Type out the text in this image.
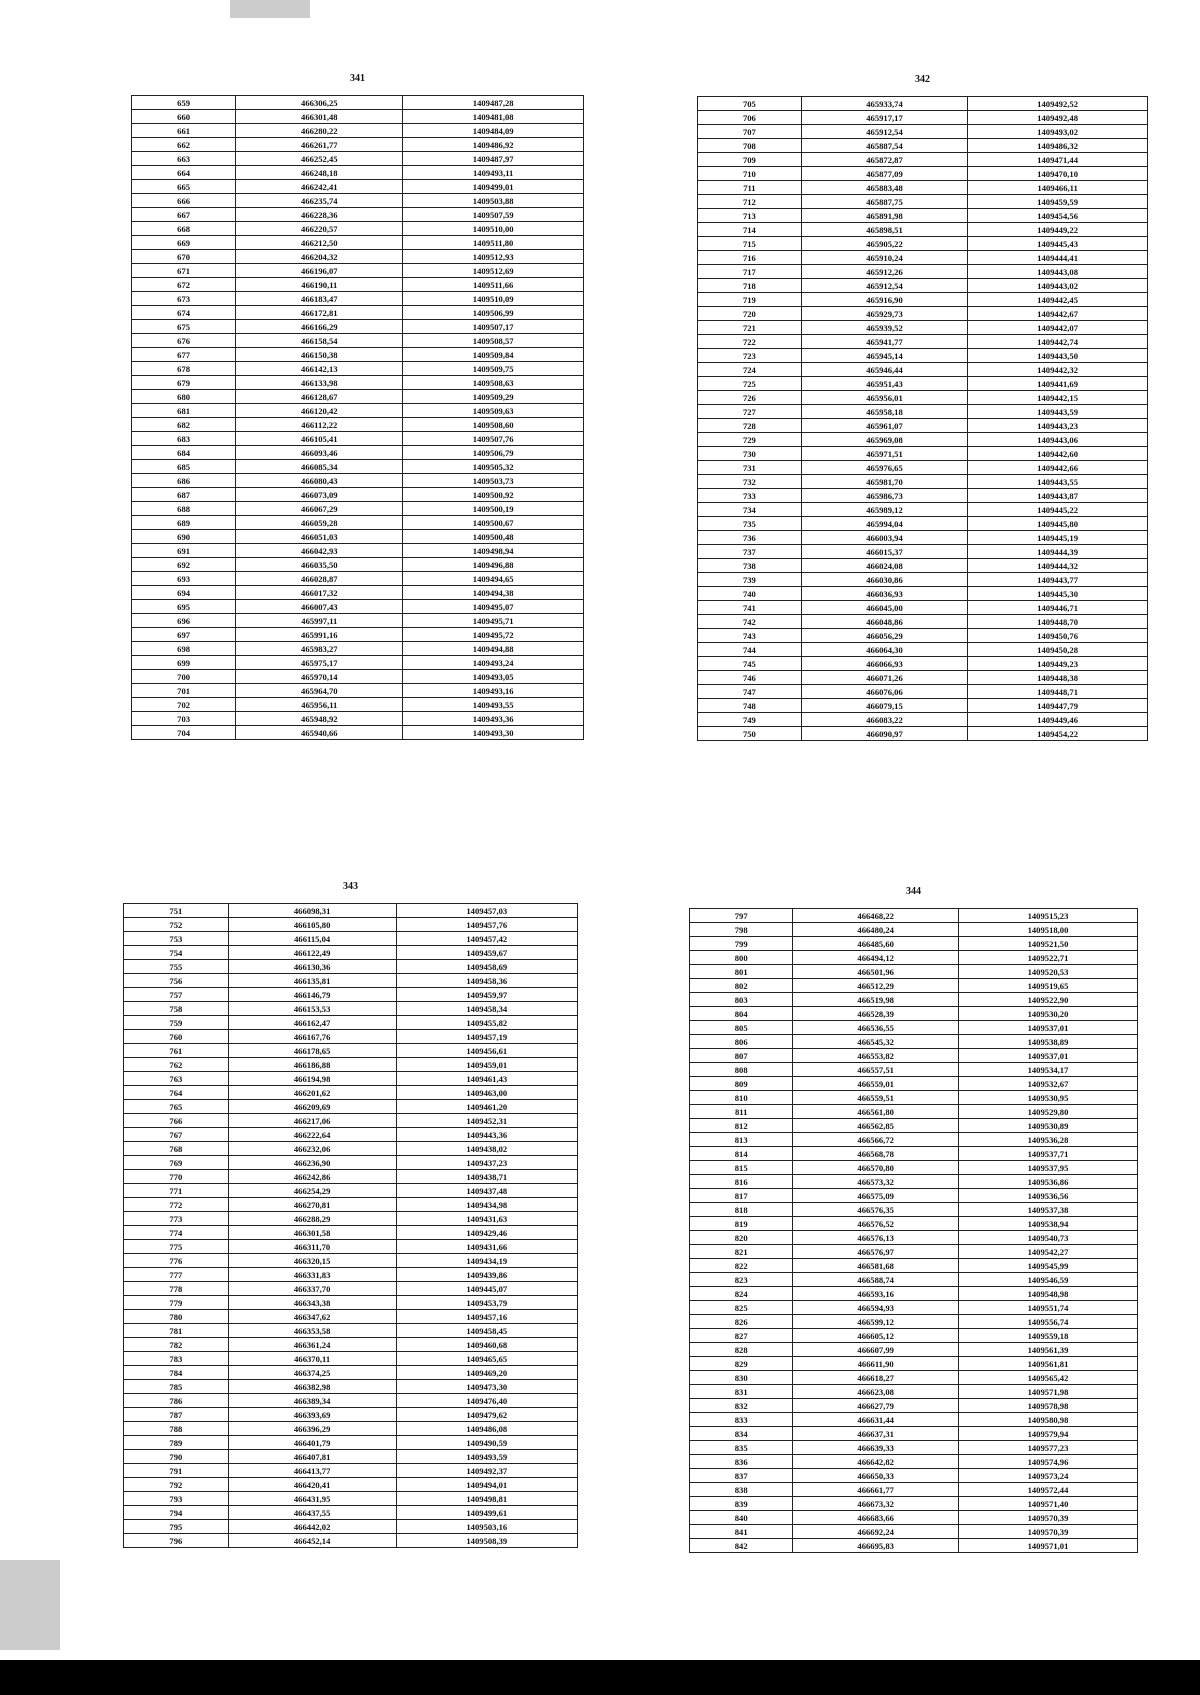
341
659	466306,25	1409487,28
660	466301,48	1409481,08
661	466280,22	1409484,09
662	466261,77	1409486,92
663	466252,45	1409487,97
664	466248,18	1409493,11
665	466242,41	1409499,01
666	466235,74	1409503,88
667	466228,36	1409507,59
668	466220,57	1409510,00
669	466212,50	1409511,80
670	466204,32	1409512,93
671	466196,07	1409512,69
672	466190,11	1409511,66
673	466183,47	1409510,09
674	466172,81	1409506,99
675	466166,29	1409507,17
676	466158,54	1409508,57
677	466150,38	1409509,84
678	466142,13	1409509,75
679	466133,98	1409508,63
680	466128,67	1409509,29
681	466120,42	1409509,63
682	466112,22	1409508,60
683	466105,41	1409507,76
684	466093,46	1409506,79
685	466085,34	1409505,32
686	466080,43	1409503,73
687	466073,09	1409500,92
688	466067,29	1409500,19
689	466059,28	1409500,67
690	466051,03	1409500,48
691	466042,93	1409498,94
692	466035,50	1409496,88
693	466028,87	1409494,65
694	466017,32	1409494,38
695	466007,43	1409495,07
696	465997,11	1409495,71
697	465991,16	1409495,72
698	465983,27	1409494,88
699	465975,17	1409493,24
700	465970,14	1409493,05
701	465964,70	1409493,16
702	465956,11	1409493,55
703	465948,92	1409493,36
704	465940,66	1409493,30
342
705	465933,74	1409492,52
706	465917,17	1409492,48
707	465912,54	1409493,02
708	465887,54	1409486,32
709	465872,87	1409471,44
710	465877,09	1409470,10
711	465883,48	1409466,11
712	465887,75	1409459,59
713	465891,98	1409454,56
714	465898,51	1409449,22
715	465905,22	1409445,43
716	465910,24	1409444,41
717	465912,26	1409443,08
718	465912,54	1409443,02
719	465916,90	1409442,45
720	465929,73	1409442,67
721	465939,52	1409442,07
722	465941,77	1409442,74
723	465945,14	1409443,50
724	465946,44	1409442,32
725	465951,43	1409441,69
726	465956,01	1409442,15
727	465958,18	1409443,59
728	465961,07	1409443,23
729	465969,08	1409443,06
730	465971,51	1409442,60
731	465976,65	1409442,66
732	465981,70	1409443,55
733	465986,73	1409443,87
734	465989,12	1409445,22
735	465994,04	1409445,80
736	466003,94	1409445,19
737	466015,37	1409444,39
738	466024,08	1409444,32
739	466030,86	1409443,77
740	466036,93	1409445,30
741	466045,00	1409446,71
742	466048,86	1409448,70
743	466056,29	1409450,76
744	466064,30	1409450,28
745	466066,93	1409449,23
746	466071,26	1409448,38
747	466076,06	1409448,71
748	466079,15	1409447,79
749	466083,22	1409449,46
750	466090,97	1409454,22
343
751	466098,31	1409457,03
752	466105,80	1409457,76
753	466115,04	1409457,42
754	466122,49	1409459,67
755	466130,36	1409458,69
756	466135,81	1409458,36
757	466146,79	1409459,97
758	466153,53	1409458,34
759	466162,47	1409455,82
760	466167,76	1409457,19
761	466178,65	1409456,61
762	466186,88	1409459,01
763	466194,98	1409461,43
764	466201,62	1409463,00
765	466209,69	1409461,20
766	466217,06	1409452,31
767	466222,64	1409443,36
768	466232,06	1409438,02
769	466236,90	1409437,23
770	466242,86	1409438,71
771	466254,29	1409437,48
772	466270,81	1409434,98
773	466288,29	1409431,63
774	466301,58	1409429,46
775	466311,70	1409431,66
776	466320,15	1409434,19
777	466331,83	1409439,86
778	466337,70	1409445,07
779	466343,38	1409453,79
780	466347,62	1409457,16
781	466353,58	1409458,45
782	466361,24	1409460,68
783	466370,11	1409465,65
784	466374,25	1409469,20
785	466382,98	1409473,30
786	466389,34	1409476,40
787	466393,69	1409479,62
788	466396,29	1409486,08
789	466401,79	1409490,59
790	466407,81	1409493,59
791	466413,77	1409492,37
792	466420,41	1409494,01
793	466431,95	1409498,81
794	466437,55	1409499,61
795	466442,02	1409503,16
796	466452,14	1409508,39
344
797	466468,22	1409515,23
798	466480,24	1409518,00
799	466485,60	1409521,50
800	466494,12	1409522,71
801	466501,96	1409520,53
802	466512,29	1409519,65
803	466519,98	1409522,90
804	466528,39	1409530,20
805	466536,55	1409537,01
806	466545,32	1409538,89
807	466553,82	1409537,01
808	466557,51	1409534,17
809	466559,01	1409532,67
810	466559,51	1409530,95
811	466561,80	1409529,80
812	466562,85	1409530,89
813	466566,72	1409536,28
814	466568,78	1409537,71
815	466570,80	1409537,95
816	466573,32	1409536,86
817	466575,09	1409536,56
818	466576,35	1409537,38
819	466576,52	1409538,94
820	466576,13	1409540,73
821	466576,97	1409542,27
822	466581,68	1409545,99
823	466588,74	1409546,59
824	466593,16	1409548,98
825	466594,93	1409551,74
826	466599,12	1409556,74
827	466605,12	1409559,18
828	466607,99	1409561,39
829	466611,90	1409561,81
830	466618,27	1409565,42
831	466623,08	1409571,98
832	466627,79	1409578,98
833	466631,44	1409580,98
834	466637,31	1409579,94
835	466639,33	1409577,23
836	466642,82	1409574,96
837	466650,33	1409573,24
838	466661,77	1409572,44
839	466673,32	1409571,40
840	466683,66	1409570,39
841	466692,24	1409570,39
842	466695,83	1409571,01
